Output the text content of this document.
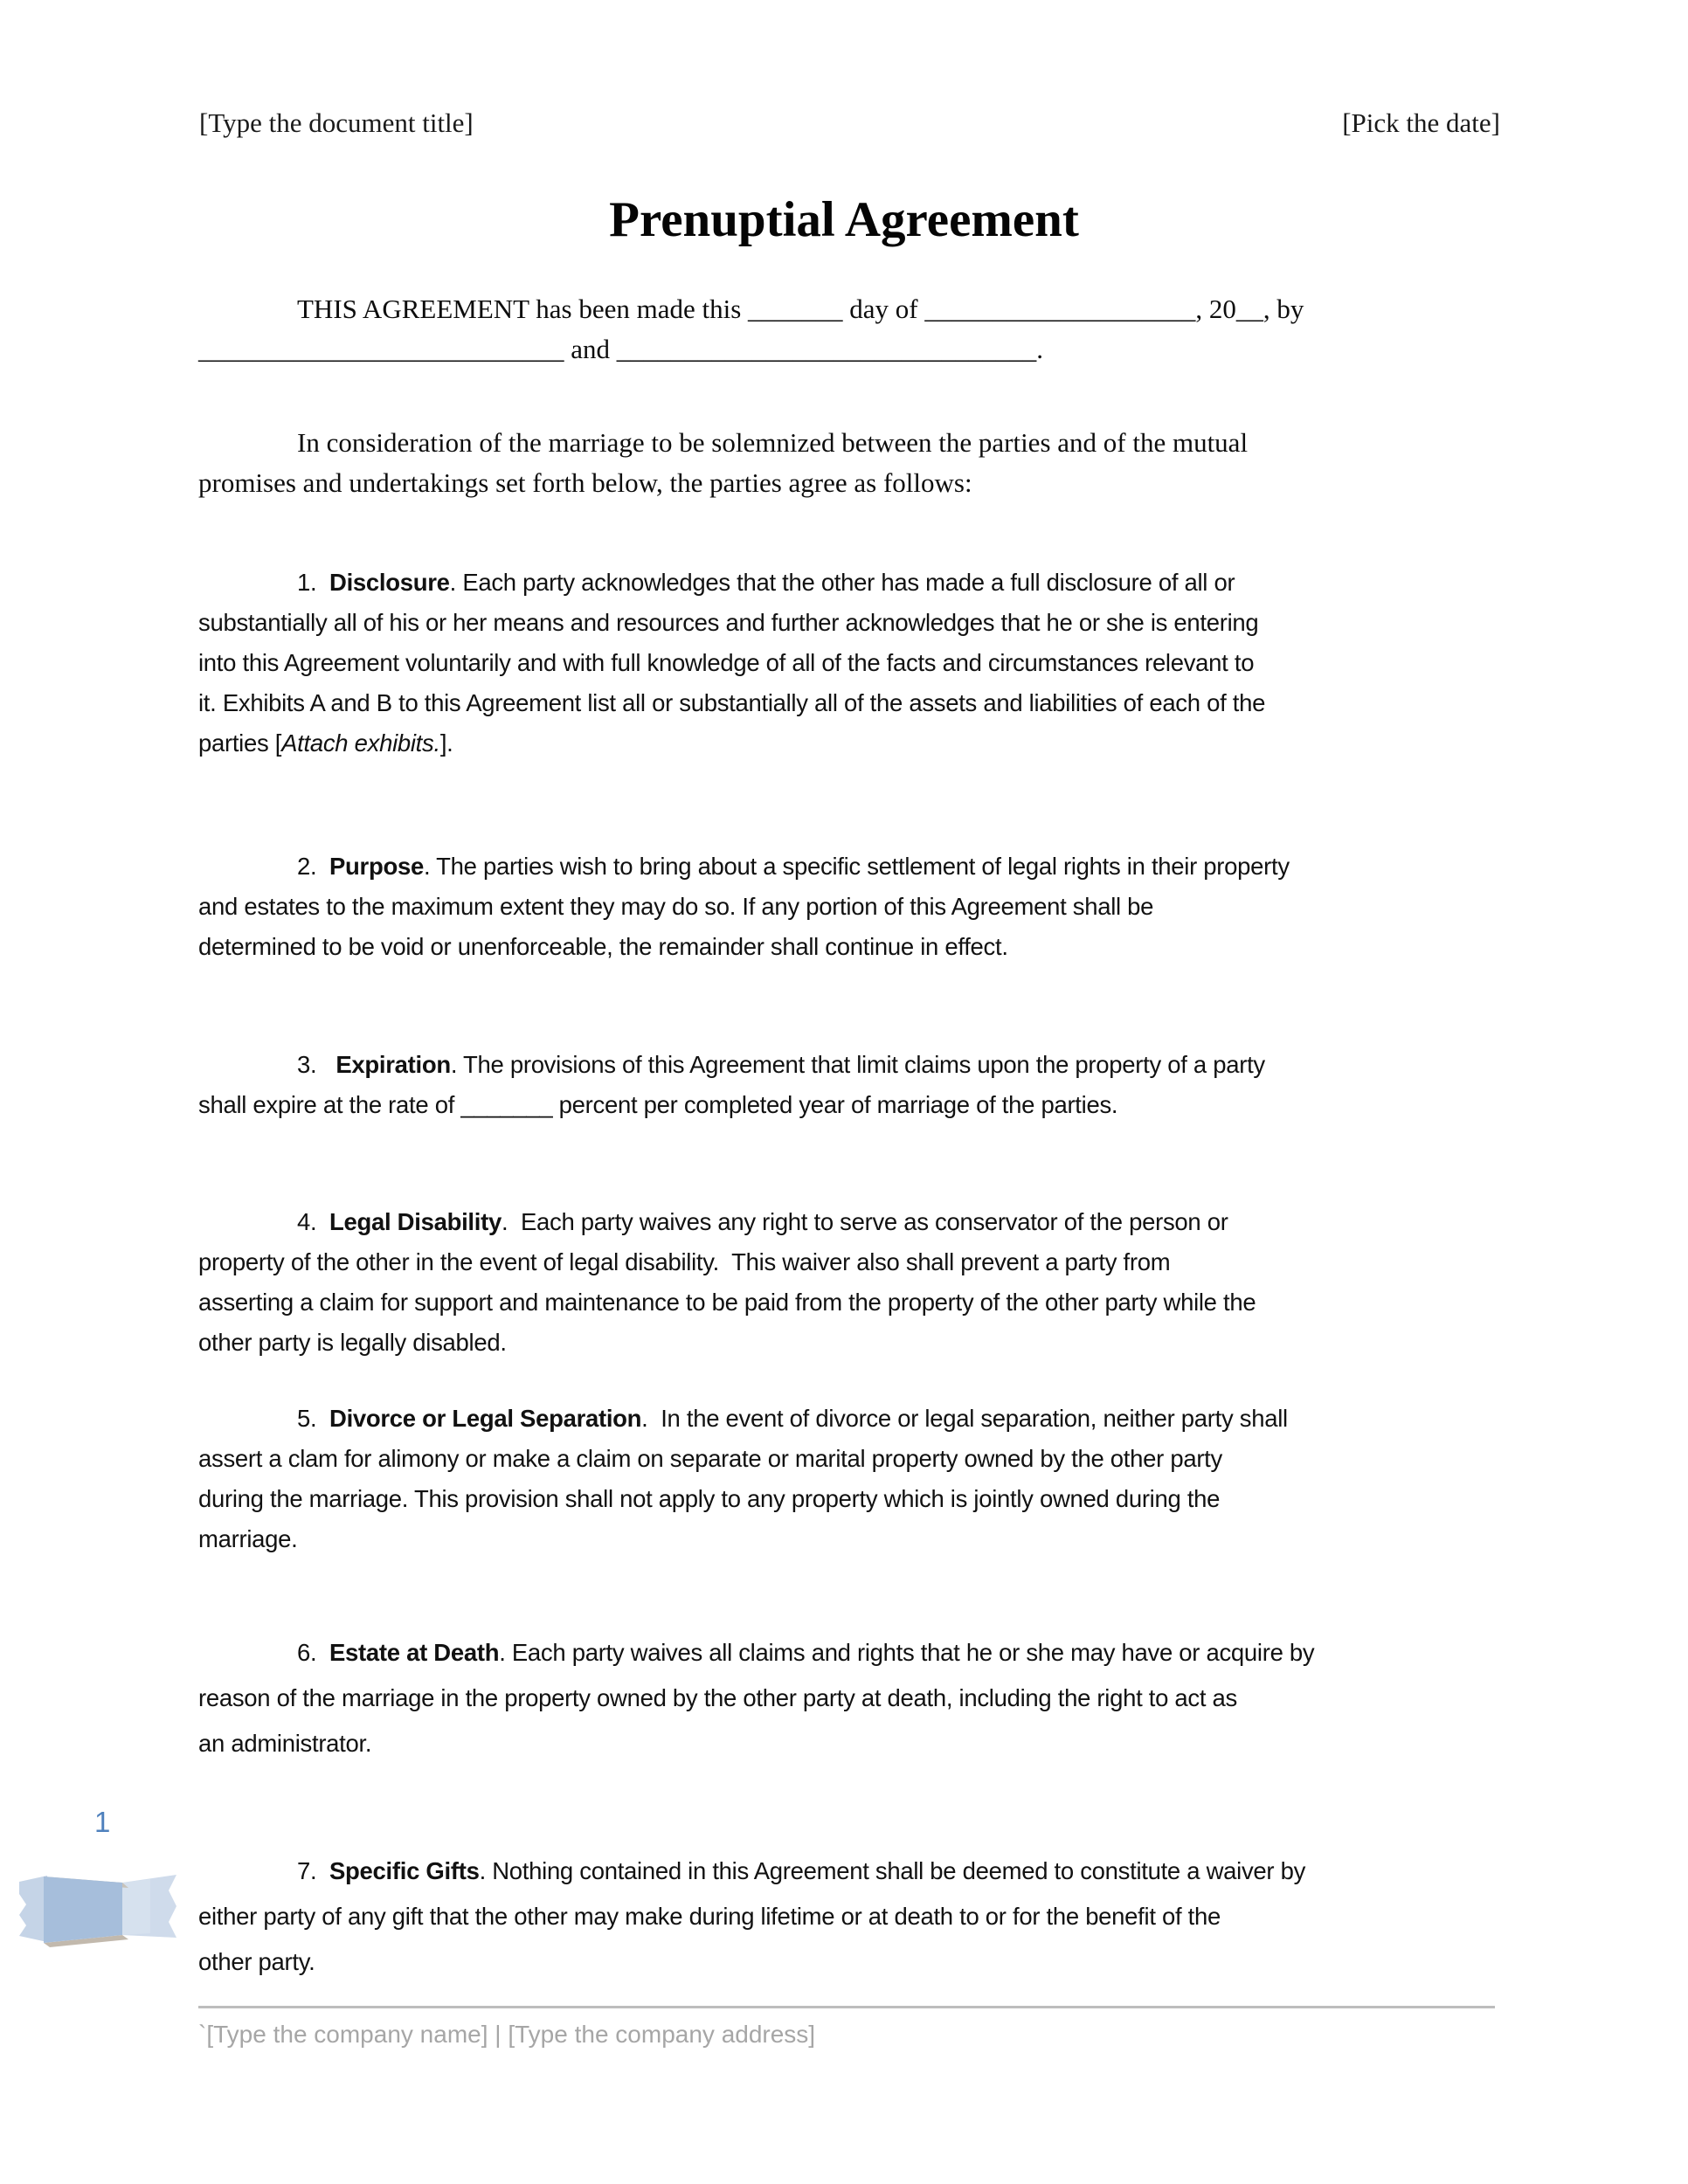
[Type the document title]	[Pick the date]
Prenuptial Agreement
THIS AGREEMENT has been made this _______ day of ____________________, 20__, by
___________________________ and _______________________________.
In consideration of the marriage to be solemnized between the parties and of the mutual
promises and undertakings set forth below, the parties agree as follows:
1.  Disclosure. Each party acknowledges that the other has made a full disclosure of all or
substantially all of his or her means and resources and further acknowledges that he or she is entering
into this Agreement voluntarily and with full knowledge of all of the facts and circumstances relevant to
it. Exhibits A and B to this Agreement list all or substantially all of the assets and liabilities of each of the
parties [Attach exhibits.].
2.  Purpose. The parties wish to bring about a specific settlement of legal rights in their property
and estates to the maximum extent they may do so. If any portion of this Agreement shall be
determined to be void or unenforceable, the remainder shall continue in effect.
3.   Expiration. The provisions of this Agreement that limit claims upon the property of a party
shall expire at the rate of _______ percent per completed year of marriage of the parties.
4.  Legal Disability.  Each party waives any right to serve as conservator of the person or
property of the other in the event of legal disability.  This waiver also shall prevent a party from
asserting a claim for support and maintenance to be paid from the property of the other party while the
other party is legally disabled.
5.  Divorce or Legal Separation.  In the event of divorce or legal separation, neither party shall
assert a clam for alimony or make a claim on separate or marital property owned by the other party
during the marriage. This provision shall not apply to any property which is jointly owned during the
marriage.
6.  Estate at Death. Each party waives all claims and rights that he or she may have or acquire by
reason of the marriage in the property owned by the other party at death, including the right to act as
an administrator.
7.  Specific Gifts. Nothing contained in this Agreement shall be deemed to constitute a waiver by
either party of any gift that the other may make during lifetime or at death to or for the benefit of the
other party.
1
`[Type the company name] | [Type the company address]
